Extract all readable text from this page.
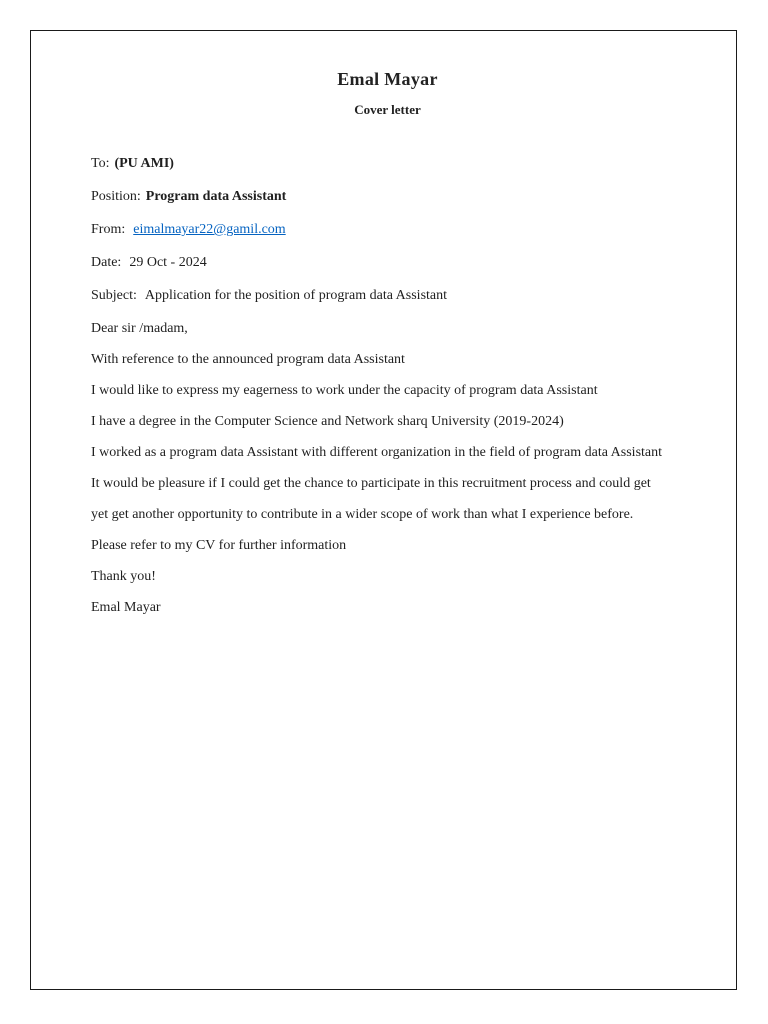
Emal Mayar
Cover letter

To: (PU AMI)

Position: Program data Assistant

From: eimalmayar22@gamil.com

Date: 29 Oct - 2024

Subject: Application for the position of program data Assistant

Dear sir /madam,

With reference to the announced program data Assistant

I would like to express my eagerness to work under the capacity of program data Assistant

I have a degree in the Computer Science and Network sharq University (2019-2024)

I worked as a program data Assistant with different organization in the field of program data Assistant

It would be pleasure if I could get the chance to participate in this recruitment process and could get

yet get another opportunity to contribute in a wider scope of work than what I experience before.

Please refer to my CV for further information

Thank you!

Emal Mayar
